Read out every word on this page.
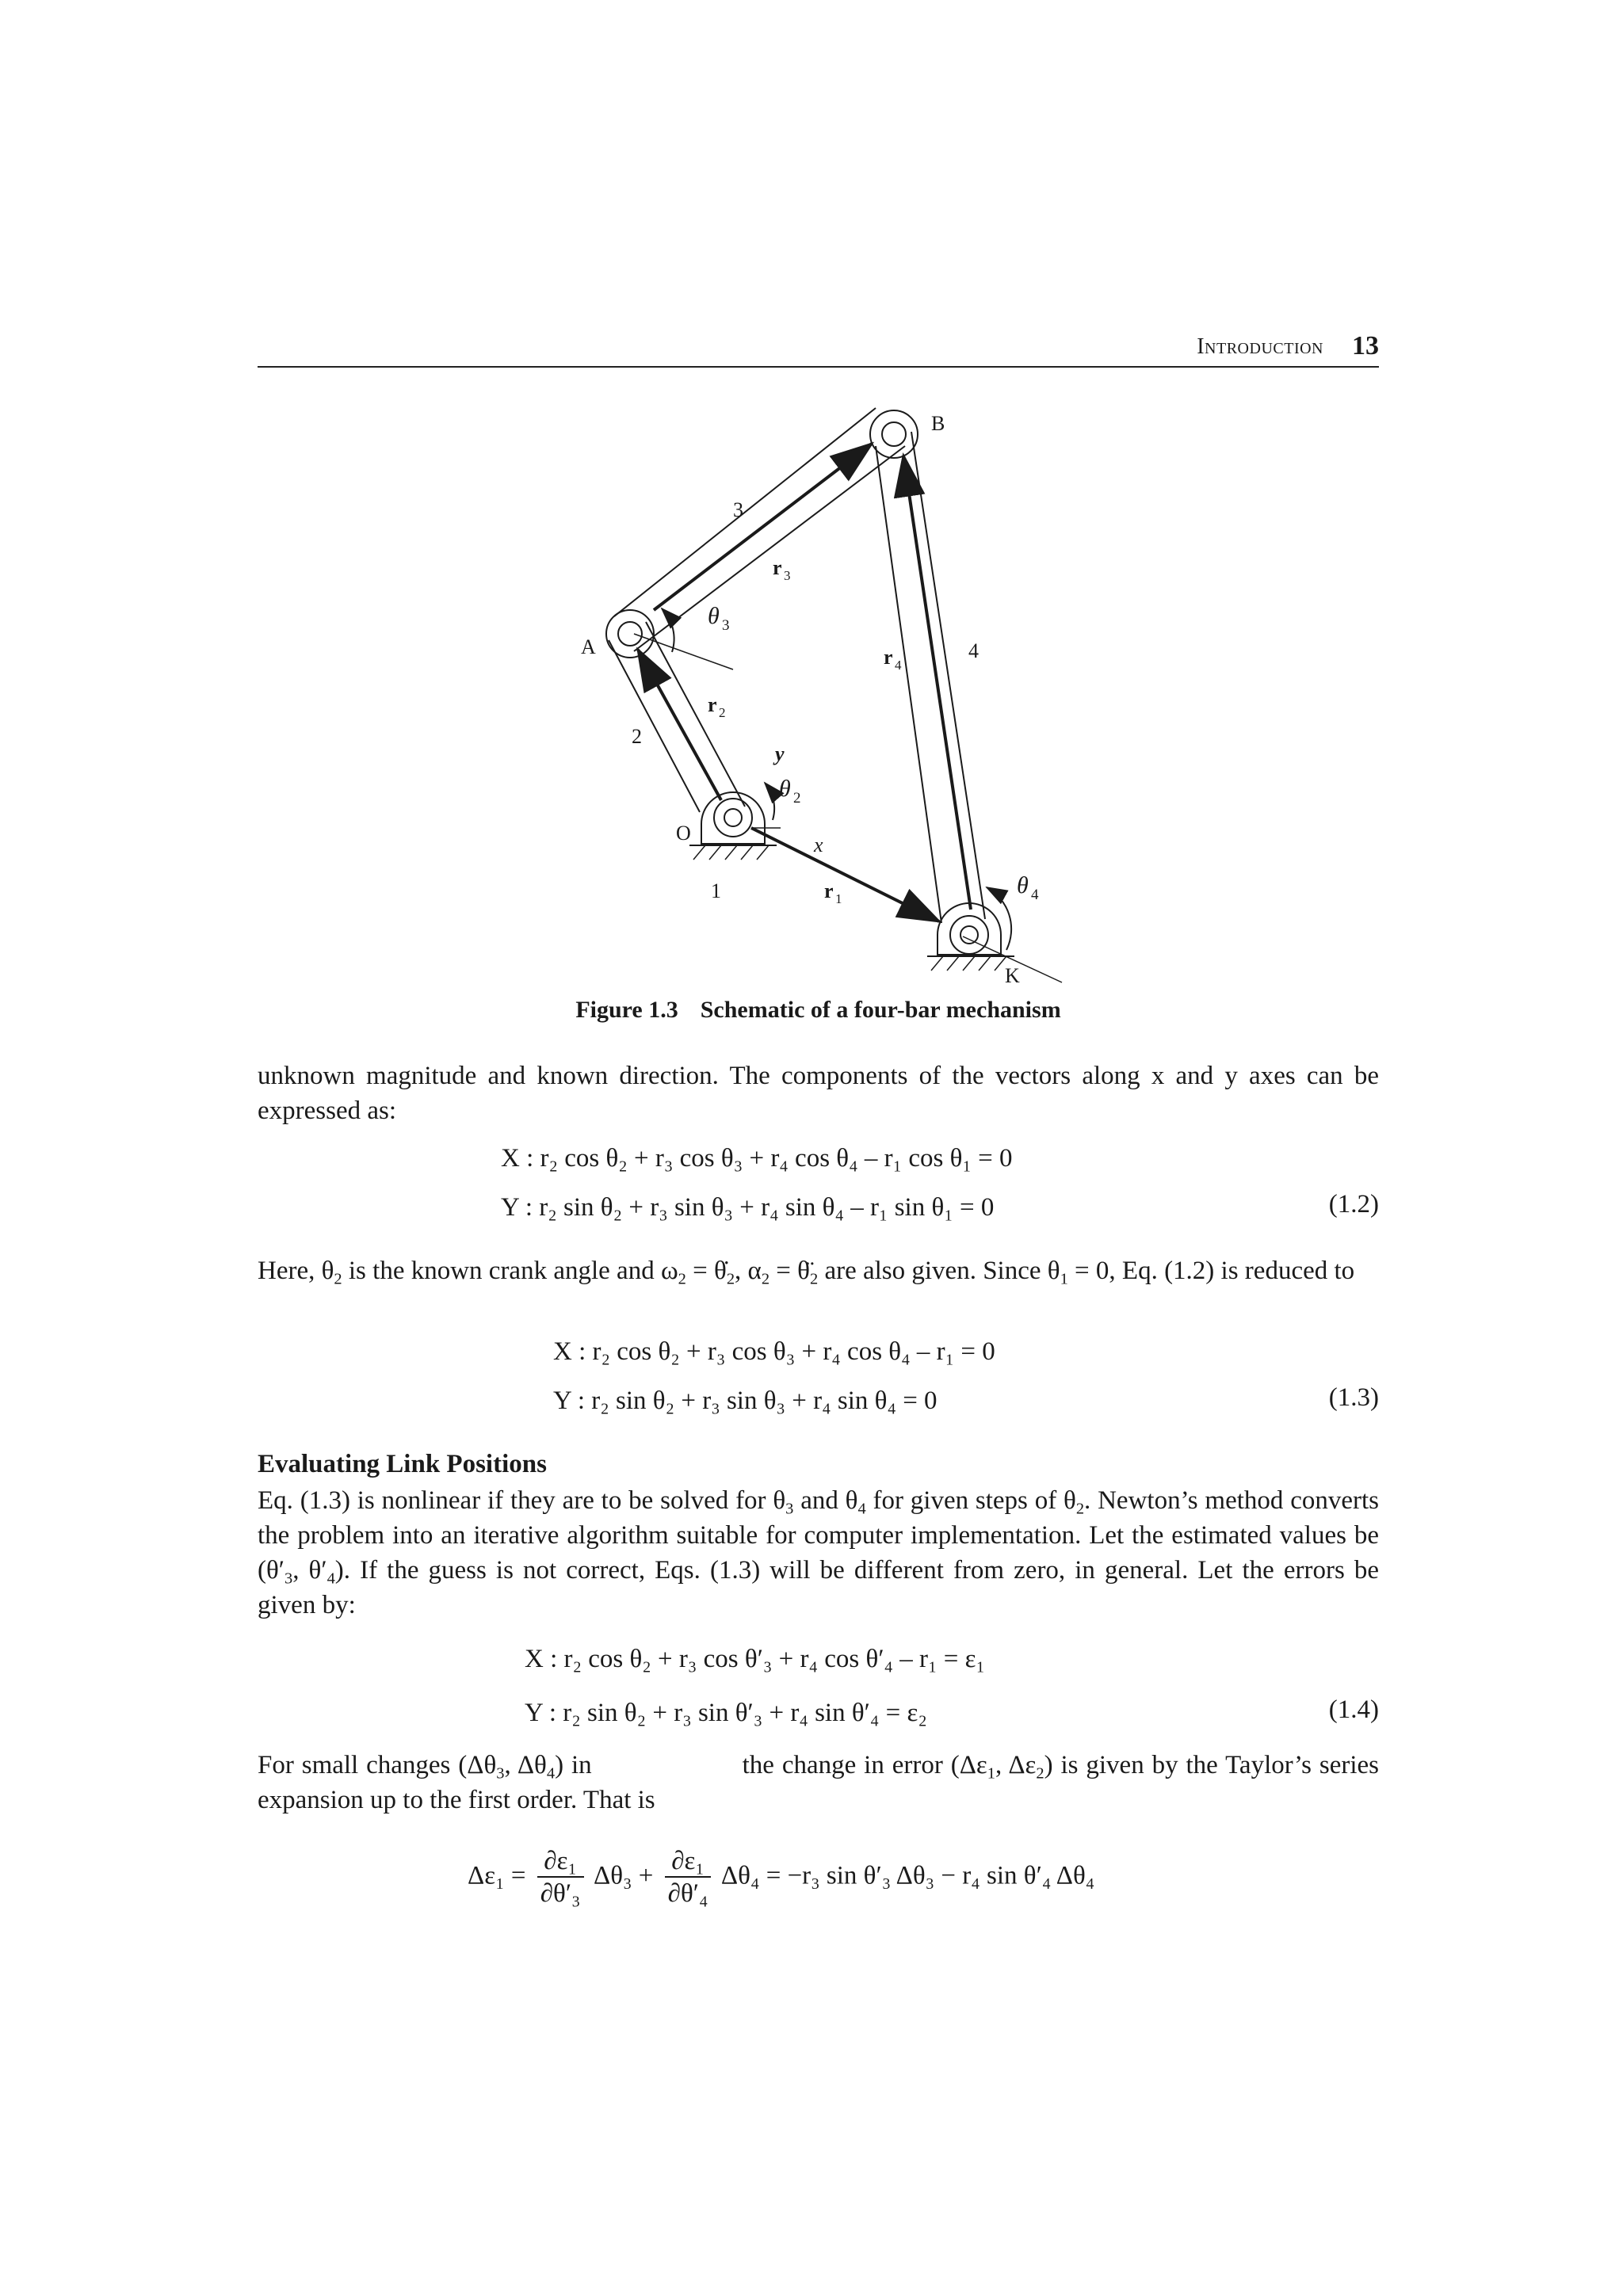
Introduction 13
B
A
O
K
3
4
2
1
r 3
r 4
r 2
r 1
θ 3
θ 2
θ 4
x
y
Figure 1.3 Schematic of a four-bar mechanism
unknown magnitude and known direction. The components of the vectors along x and y axes can be expressed as:
X : r₂ cos θ₂ + r₃ cos θ₃ + r₄ cos θ₄ – r₁ cos θ₁ = 0
Y : r₂ sin θ₂ + r₃ sin θ₃ + r₄ sin θ₄ – r₁ sin θ₁ = 0	(1.2)
Here, $\theta_2$ is the known crank angle and $\omega_2$ = $\thetȧ_2$, $\alpha_2$ = $\thetä_2$ are also given. Since $\theta_1 = 0$, Eq. (1.2) is reduced to
X : r₂ cos θ₂ + r₃ cos θ₃ + r₄ cos θ₄ – r₁ = 0
Y : r₂ sin θ₂ + r₃ sin θ₃ + r₄ sin θ₄ = 0	(1.3)
Evaluating Link Positions
Eq. (1.3) is nonlinear if they are to be solved for $\theta_3$ and $\theta_4$ for given steps of $\theta_2$. Newton’s method converts the problem into an iterative algorithm suitable for computer implementation. Let the estimated values be ($\theta'_3$, $\theta'_4$). If the guess is not correct, Eqs. (1.3) will be different from zero, in general. Let the errors be given by:
X : r₂ cos θ₂ + r₃ cos θ′₃ + r₄ cos θ′₄ – r₁ = ε₁
Y : r₂ sin θ₂ + r₃ sin θ′₃ + r₄ sin θ′₄ = ε₂	(1.4)
For small changes ($\Delta\theta_3$, $\Delta\theta_4$) in	the change in error ($\Delta\varepsilon_1$, $\Delta\varepsilon_2$) is given by the Taylor’s series expansion up to the first order. That is
$\Delta\varepsilon_1 = \frac{\text{∂ε₁}}{\text{∂θ′₃}} \Delta\theta_3 + \frac{\text{∂ε₁}}{\text{∂θ′₄}} \Delta\theta_4 = -r_3$ sin θ′₃ Δθ₃ − r₄ sin θ′₄ Δθ₄
